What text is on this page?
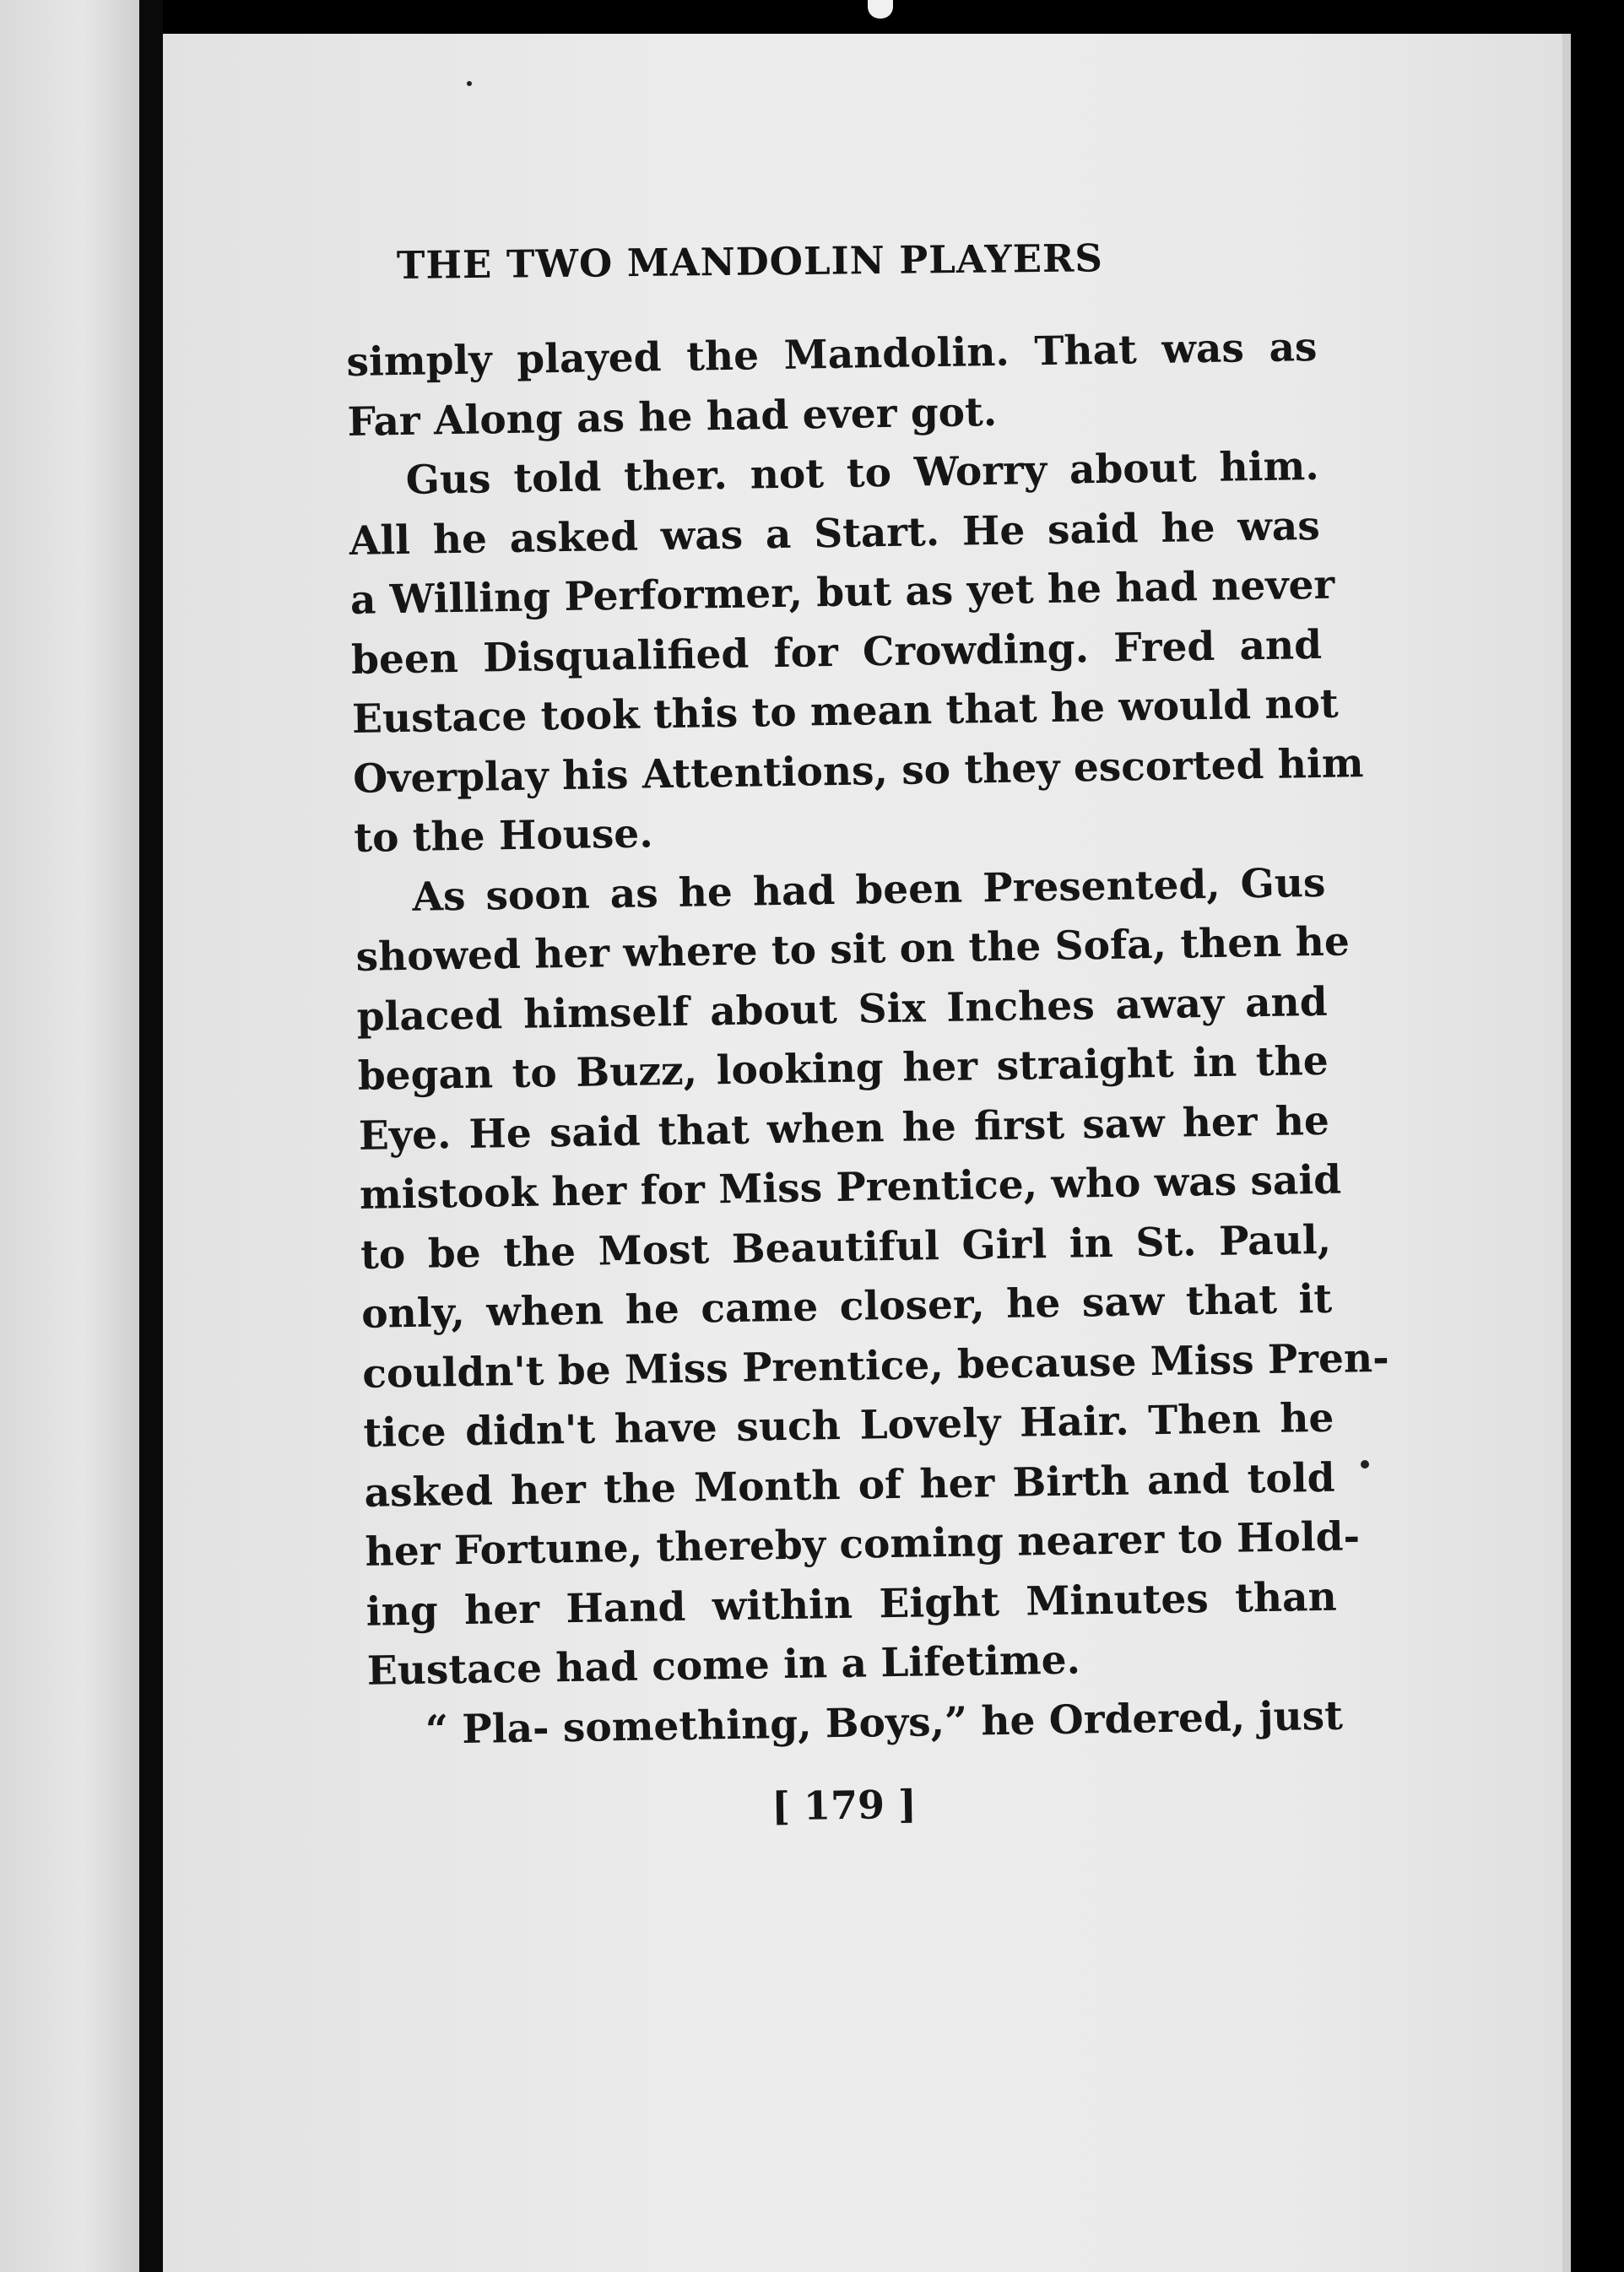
THE TWO MANDOLIN PLAYERS
simply played the Mandolin. That was as
Far Along as he had ever got.
Gus told ther. not to Worry about him.
All he asked was a Start. He said he was
a Willing Performer, but as yet he had never
been Disqualified for Crowding. Fred and
Eustace took this to mean that he would not
Overplay his Attentions, so they escorted him
to the House.
As soon as he had been Presented, Gus
showed her where to sit on the Sofa, then he
placed himself about Six Inches away and
began to Buzz, looking her straight in the
Eye. He said that when he first saw her he
mistook her for Miss Prentice, who was said
to be the Most Beautiful Girl in St. Paul,
only, when he came closer, he saw that it
couldn't be Miss Prentice, because Miss Pren-
tice didn't have such Lovely Hair. Then he
asked her the Month of her Birth and told
her Fortune, thereby coming nearer to Hold-
ing her Hand within Eight Minutes than
Eustace had come in a Lifetime.
“ Pla- something, Boys,” he Ordered, just

[ 179 ]
